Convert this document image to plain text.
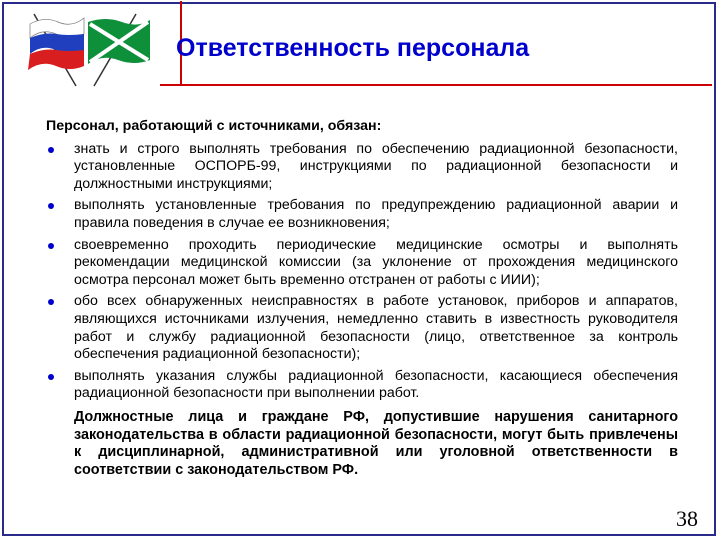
Ответственность персонала

Персонал, работающий с источниками, обязан:

знать и строго выполнять требования по обеспечению радиационной безопасности, установленные ОСПОРБ-99, инструкциями по радиационной безопасности и должностными инструкциями;
выполнять установленные требования по предупреждению радиационной аварии и правила поведения в случае ее возникновения;
своевременно проходить периодические медицинские осмотры и выполнять рекомендации медицинской комиссии (за уклонение от прохождения медицинского осмотра персонал может быть временно отстранен от работы с ИИИ);
обо всех обнаруженных неисправностях в работе установок, приборов и аппаратов, являющихся источниками излучения, немедленно ставить в известность руководителя работ и службу радиационной безопасности (лицо, ответственное за контроль обеспечения радиационной безопасности);
выполнять указания службы радиационной безопасности, касающиеся обеспечения радиационной безопасности при выполнении работ.

Должностные лица и граждане РФ, допустившие нарушения санитарного законодательства в области радиационной безопасности, могут быть привлечены к дисциплинарной, административной или уголовной ответственности в соответствии с законодательством РФ.

38
